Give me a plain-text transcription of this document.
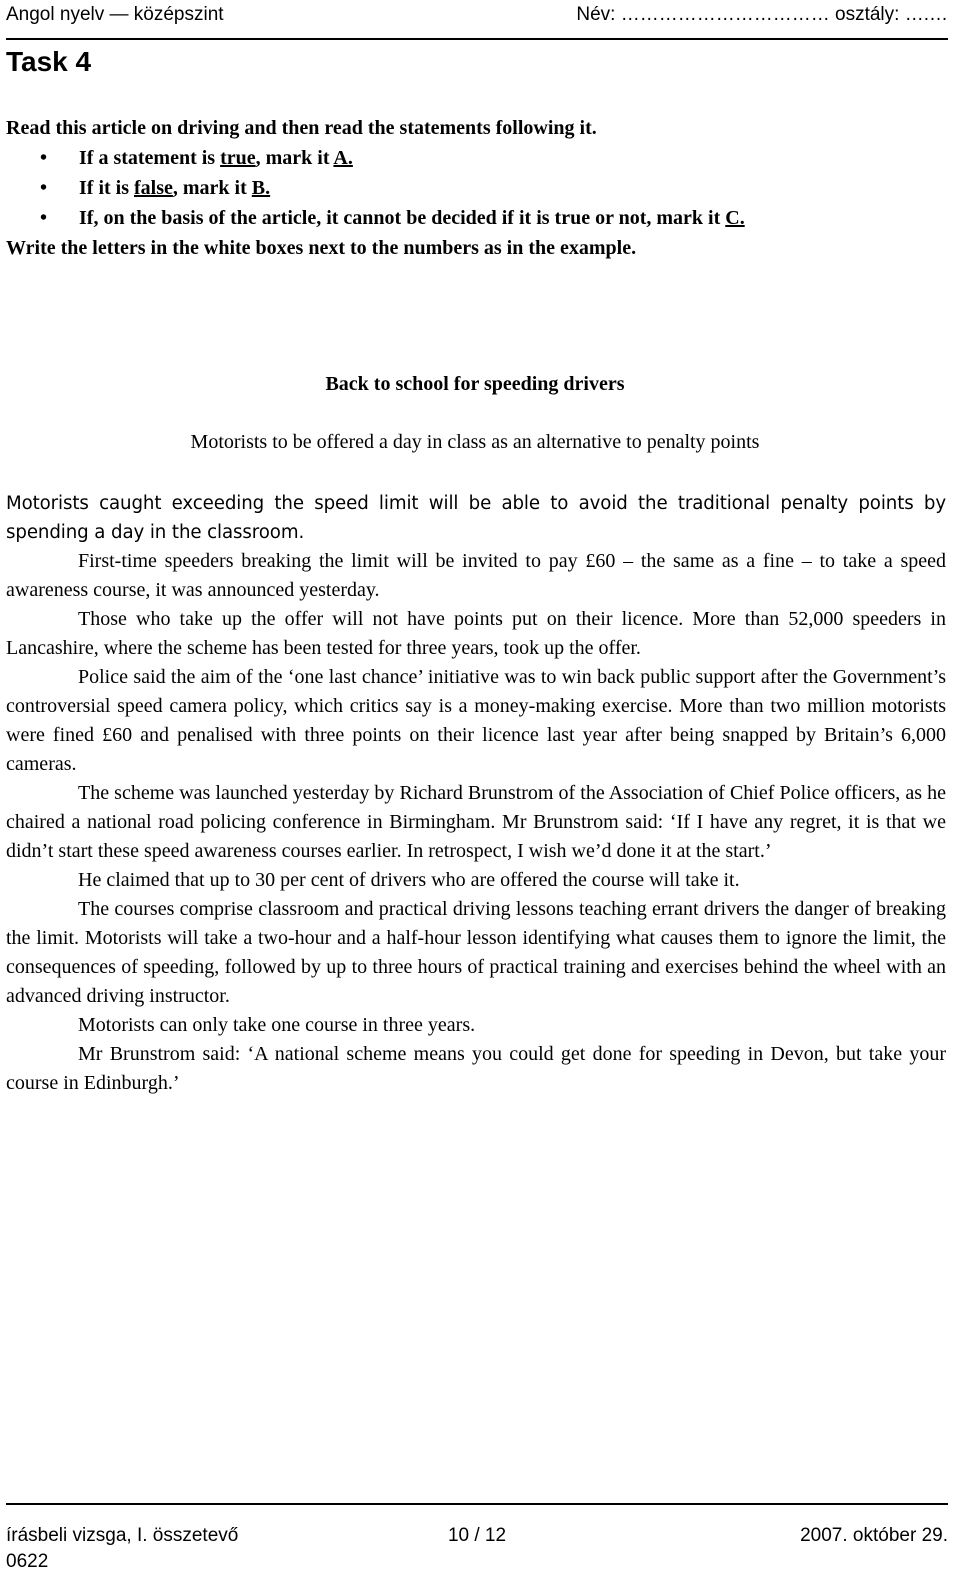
Angol nyelv — középszint	Név: …………………………… osztály: ….…
Task 4
Read this article on driving and then read the statements following it.
• If a statement is true, mark it A.
• If it is false, mark it B.
• If, on the basis of the article, it cannot be decided if it is true or not, mark it C.
Write the letters in the white boxes next to the numbers as in the example.
Back to school for speeding drivers
Motorists to be offered a day in class as an alternative to penalty points

Motorists caught exceeding the speed limit will be able to avoid the traditional penalty points by spending a day in the classroom.

First-time speeders breaking the limit will be invited to pay £60 – the same as a fine – to take a speed awareness course, it was announced yesterday.

Those who take up the offer will not have points put on their licence. More than 52,000 speeders in Lancashire, where the scheme has been tested for three years, took up the offer.

Police said the aim of the ‘one last chance’ initiative was to win back public support after the Government’s controversial speed camera policy, which critics say is a money-making exercise. More than two million motorists were fined £60 and penalised with three points on their licence last year after being snapped by Britain’s 6,000 cameras.

The scheme was launched yesterday by Richard Brunstrom of the Association of Chief Police officers, as he chaired a national road policing conference in Birmingham. Mr Brunstrom said: ‘If I have any regret, it is that we didn’t start these speed awareness courses earlier. In retrospect, I wish we’d done it at the start.’

He claimed that up to 30 per cent of drivers who are offered the course will take it.

The courses comprise classroom and practical driving lessons teaching errant drivers the danger of breaking the limit. Motorists will take a two-hour and a half-hour lesson identifying what causes them to ignore the limit, the consequences of speeding, followed by up to three hours of practical training and exercises behind the wheel with an advanced driving instructor.

Motorists can only take one course in three years.

Mr Brunstrom said: ‘A national scheme means you could get done for speeding in Devon, but take your course in Edinburgh.’

írásbeli vizsga, I. összetevő	10 / 12	2007. október 29.
0622
